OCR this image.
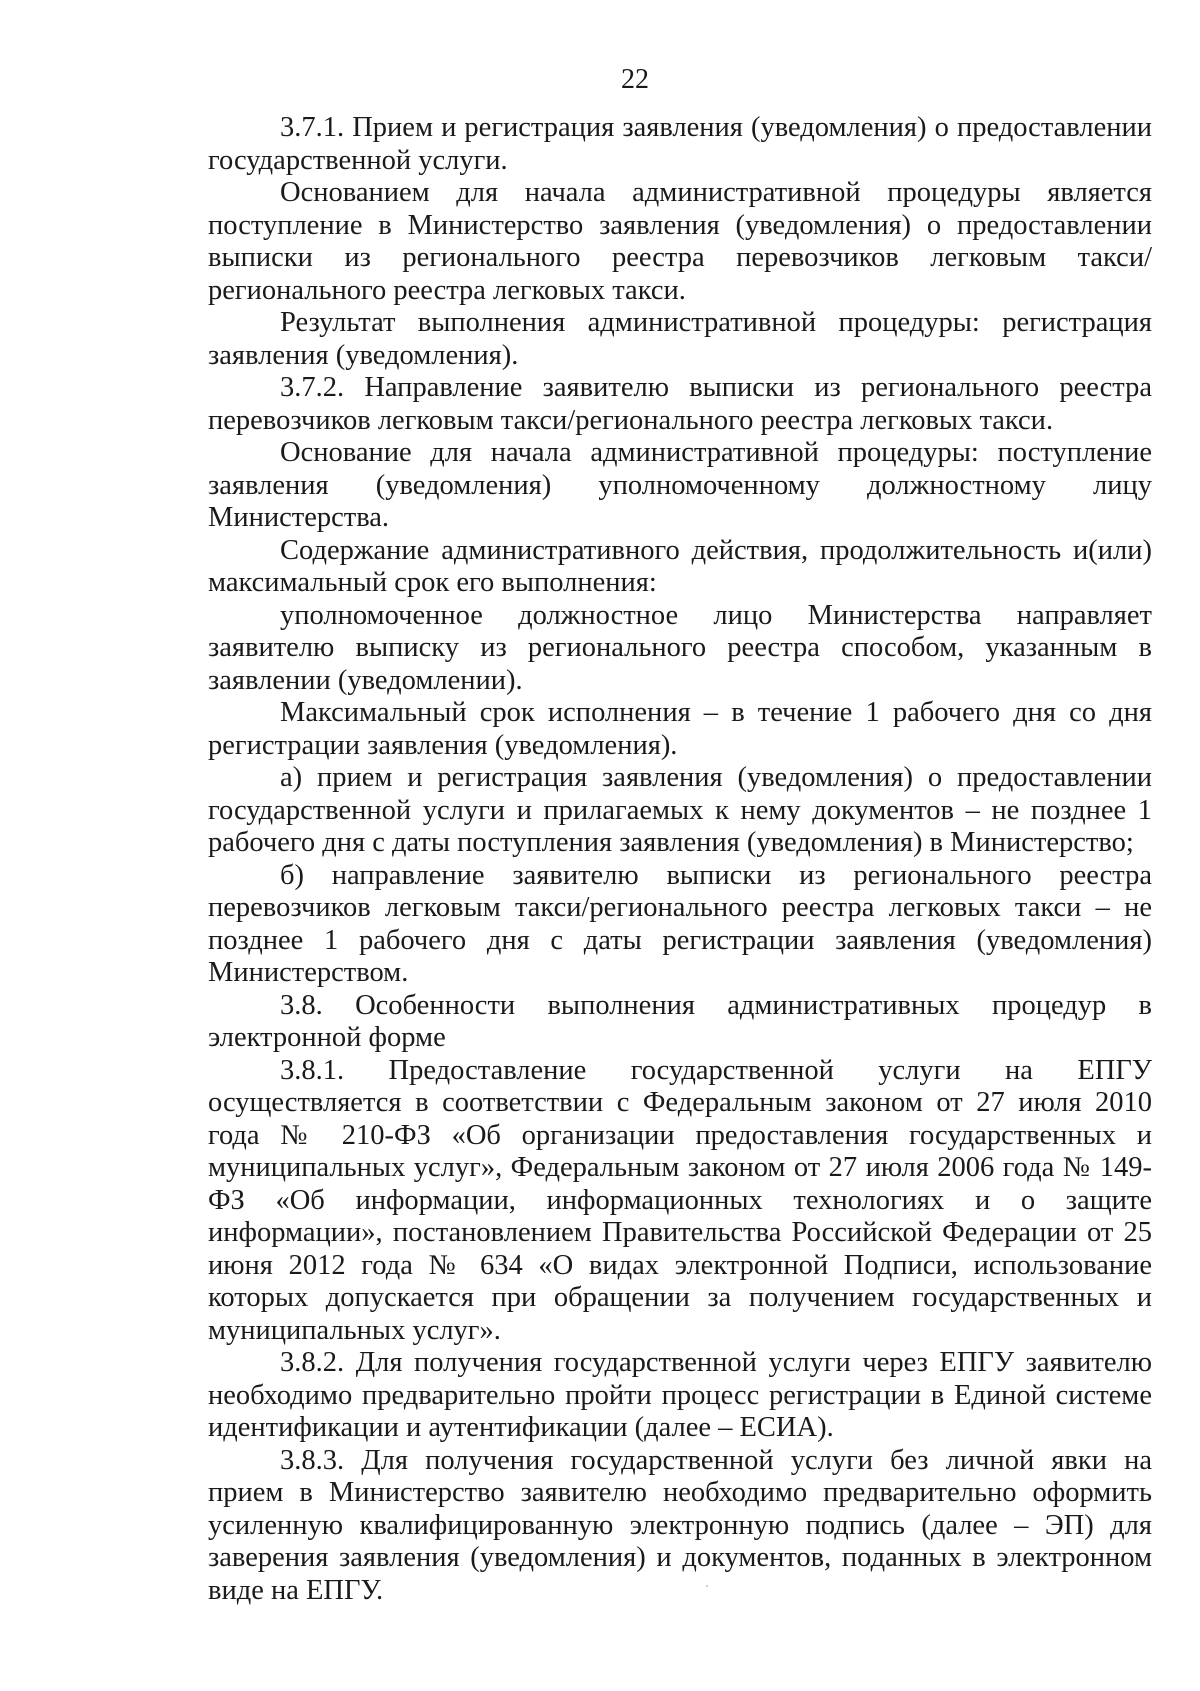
22

3.7.1. Прием и регистрация заявления (уведомления) о предоставлении государственной услуги.

Основанием для начала административной процедуры является поступление в Министерство заявления (уведомления) о предоставлении выписки из регионального реестра перевозчиков легковым такси/регионального реестра легковых такси.

Результат выполнения административной процедуры: регистрация заявления (уведомления).

3.7.2. Направление заявителю выписки из регионального реестра перевозчиков легковым такси/регионального реестра легковых такси.

Основание для начала административной процедуры: поступление заявления (уведомления) уполномоченному должностному лицу Министерства.

Содержание административного действия, продолжительность и(или) максимальный срок его выполнения:

уполномоченное должностное лицо Министерства направляет заявителю выписку из регионального реестра способом, указанным в заявлении (уведомлении).

Максимальный срок исполнения – в течение 1 рабочего дня со дня регистрации заявления (уведомления).

а) прием и регистрация заявления (уведомления) о предоставлении государственной услуги и прилагаемых к нему документов – не позднее 1 рабочего дня с даты поступления заявления (уведомления) в Министерство;

б) направление заявителю выписки из регионального реестра перевозчиков легковым такси/регионального реестра легковых такси – не позднее 1 рабочего дня с даты регистрации заявления (уведомления) Министерством.

3.8. Особенности выполнения административных процедур в электронной форме

3.8.1. Предоставление государственной услуги на ЕПГУ осуществляется в соответствии с Федеральным законом от 27 июля 2010 года № 210-ФЗ «Об организации предоставления государственных и муниципальных услуг», Федеральным законом от 27 июля 2006 года № 149-ФЗ «Об информации, информационных технологиях и о защите информации», постановлением Правительства Российской Федерации от 25 июня 2012 года № 634 «О видах электронной Подписи, использование которых допускается при обращении за получением государственных и муниципальных услуг».

3.8.2. Для получения государственной услуги через ЕПГУ заявителю необходимо предварительно пройти процесс регистрации в Единой системе идентификации и аутентификации (далее – ЕСИА).

3.8.3. Для получения государственной услуги без личной явки на прием в Министерство заявителю необходимо предварительно оформить усиленную квалифицированную электронную подпись (далее – ЭП) для заверения заявления (уведомления) и документов, поданных в электронном виде на ЕПГУ.
